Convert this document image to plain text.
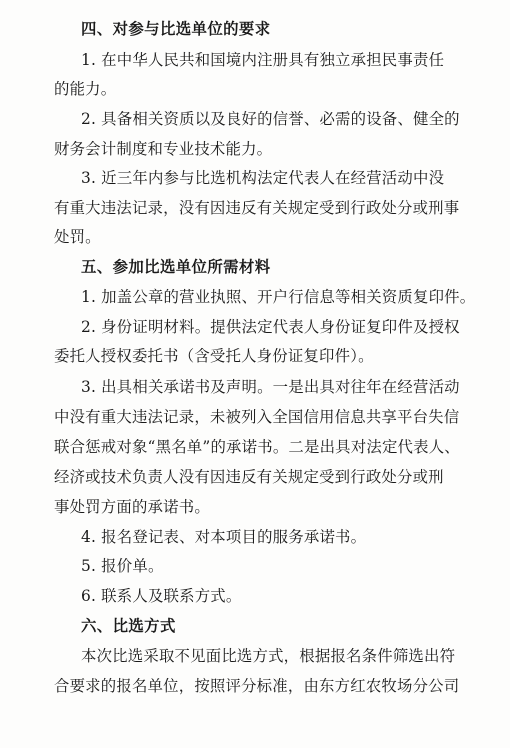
四、对参与比选单位的要求
1. 在中华人民共和国境内注册具有独立承担民事责任
的能力。
2. 具备相关资质以及良好的信誉、必需的设备、健全的
财务会计制度和专业技术能力。
3. 近三年内参与比选机构法定代表人在经营活动中没
有重大违法记录，没有因违反有关规定受到行政处分或刑事
处罚。
五、参加比选单位所需材料
1. 加盖公章的营业执照、开户行信息等相关资质复印件。
2. 身份证明材料。提供法定代表人身份证复印件及授权
委托人授权委托书（含受托人身份证复印件）。
3. 出具相关承诺书及声明。一是出具对往年在经营活动
中没有重大违法记录，未被列入全国信用信息共享平台失信
联合惩戒对象“黑名单”的承诺书。二是出具对法定代表人、
经济或技术负责人没有因违反有关规定受到行政处分或刑
事处罚方面的承诺书。
4. 报名登记表、对本项目的服务承诺书。
5. 报价单。
6. 联系人及联系方式。
六、比选方式
本次比选采取不见面比选方式，根据报名条件筛选出符
合要求的报名单位，按照评分标准，由东方红农牧场分公司
